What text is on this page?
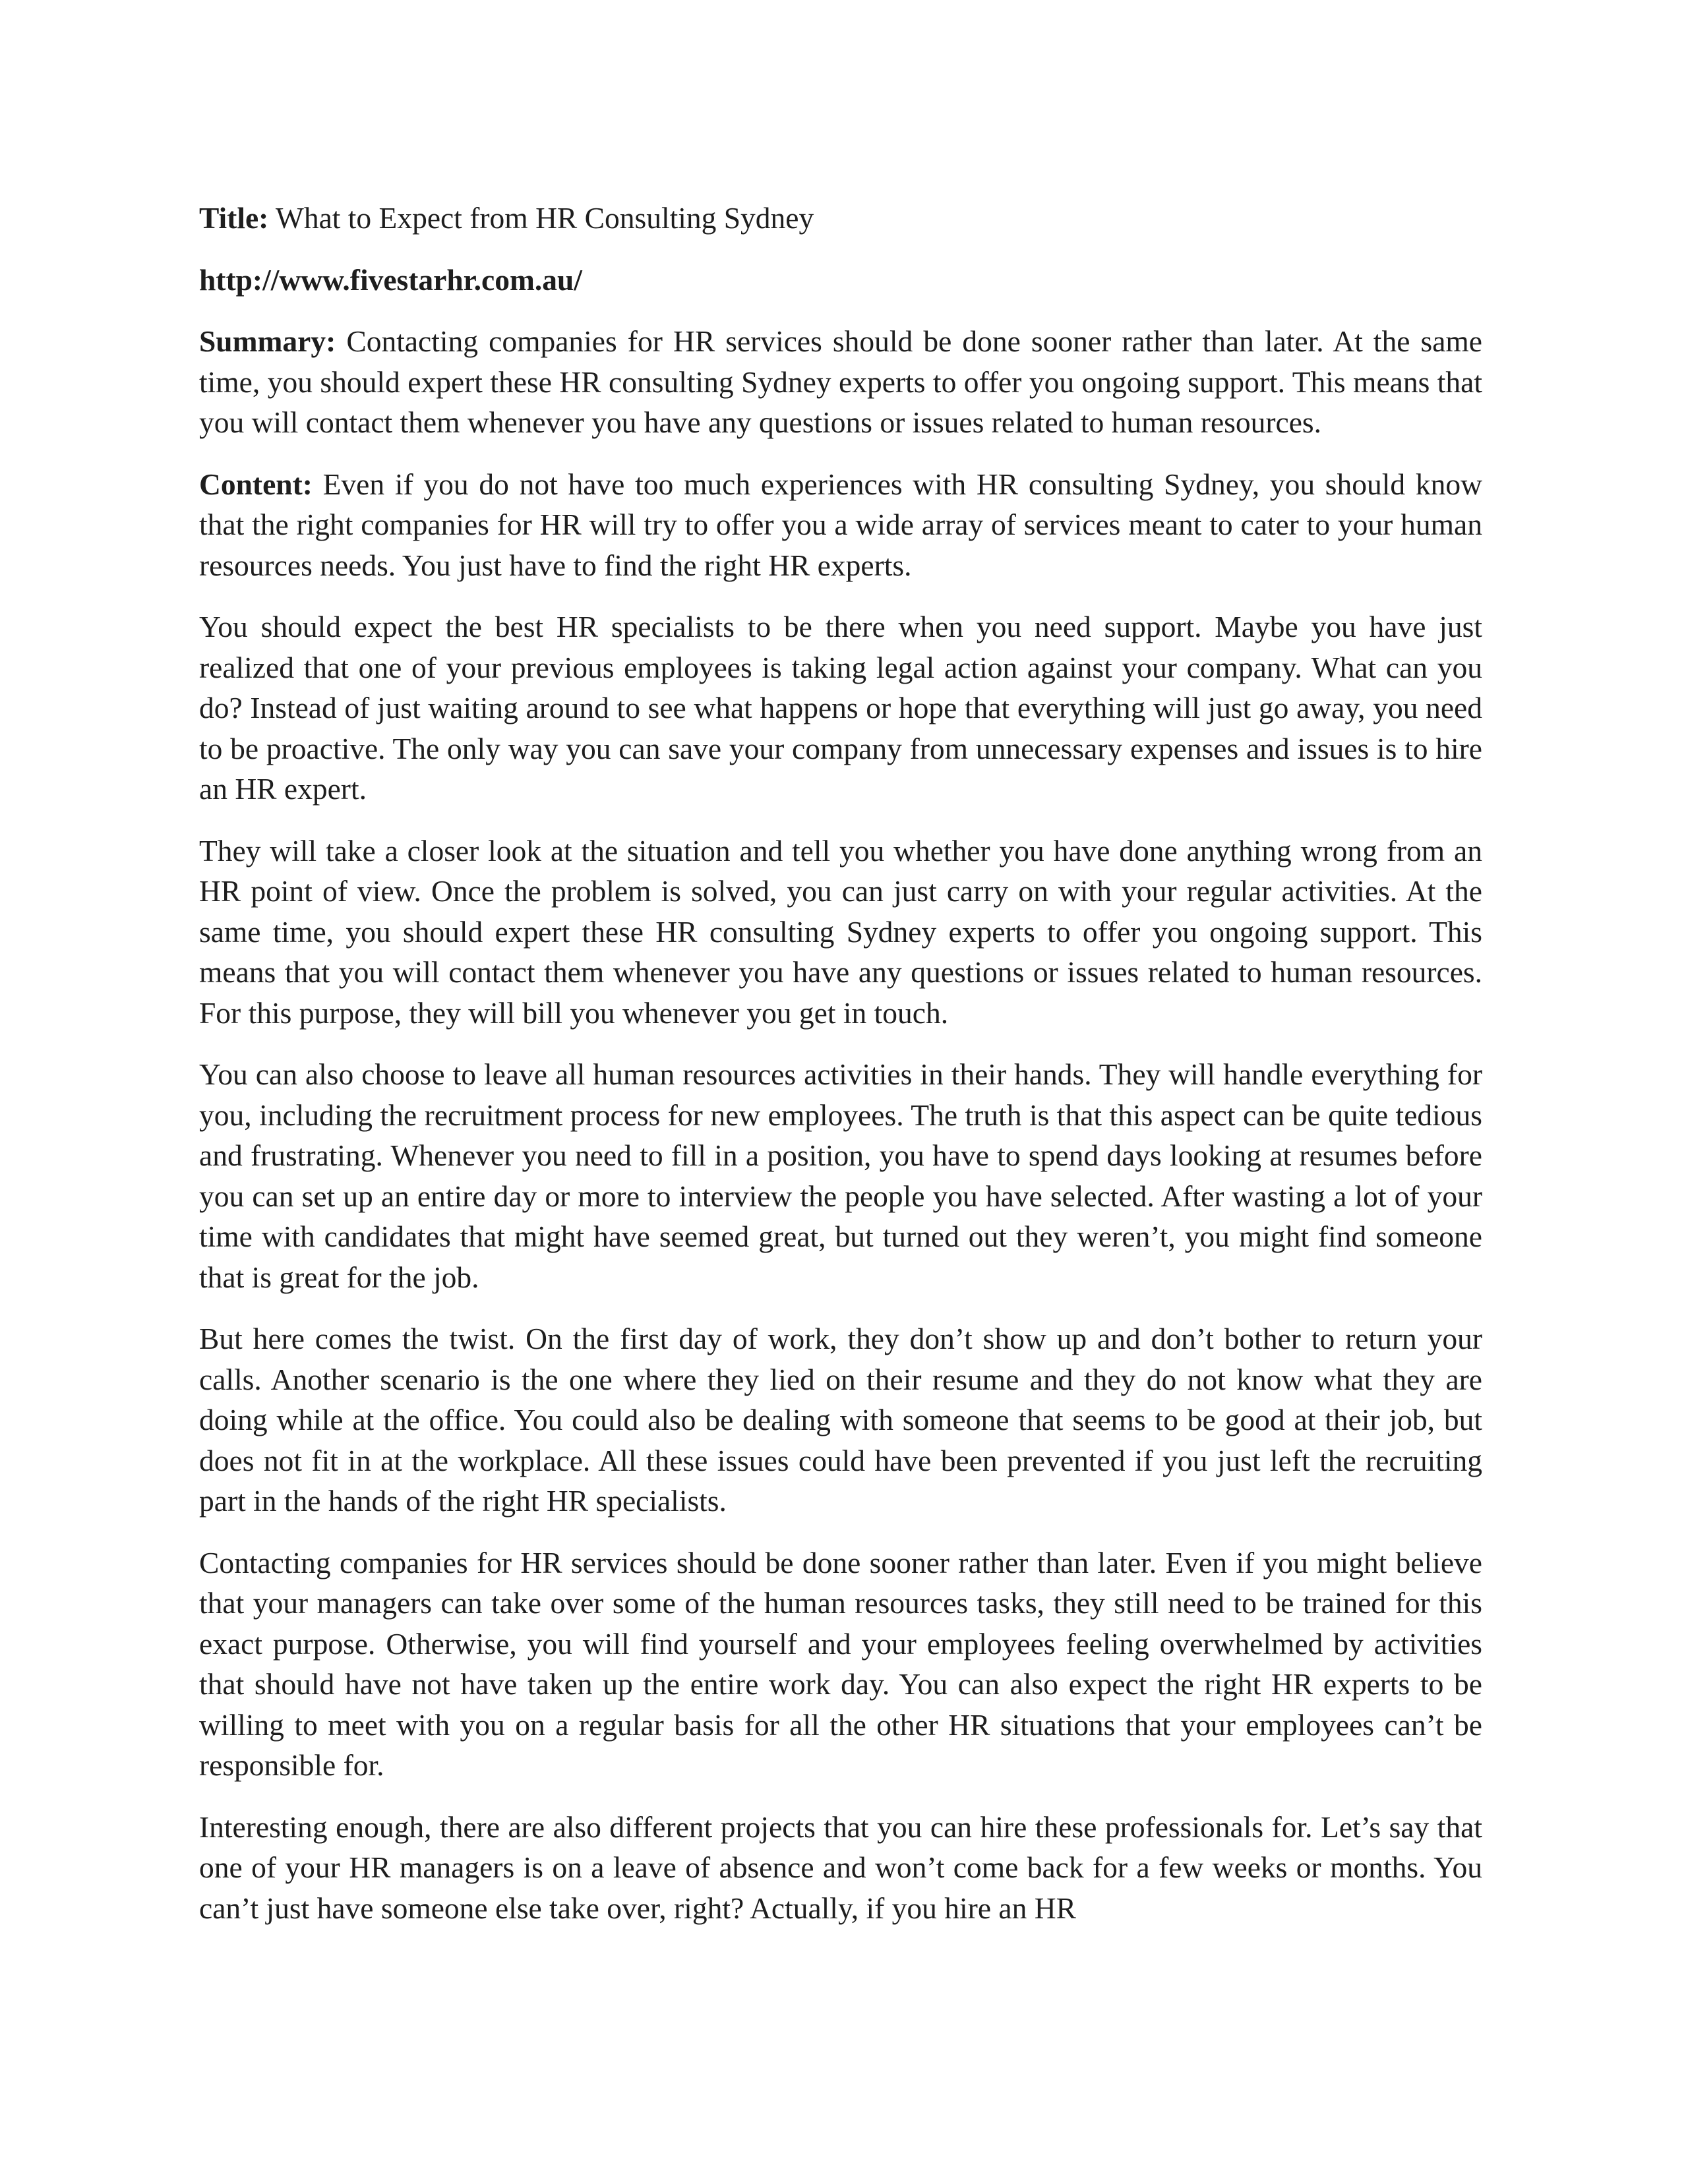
Title: What to Expect from HR Consulting Sydney
http://www.fivestarhr.com.au/

Summary: Contacting companies for HR services should be done sooner rather than later. At the same time, you should expert these HR consulting Sydney experts to offer you ongoing support. This means that you will contact them whenever you have any questions or issues related to human resources.

Content: Even if you do not have too much experiences with HR consulting Sydney, you should know that the right companies for HR will try to offer you a wide array of services meant to cater to your human resources needs. You just have to find the right HR experts.

You should expect the best HR specialists to be there when you need support. Maybe you have just realized that one of your previous employees is taking legal action against your company. What can you do? Instead of just waiting around to see what happens or hope that everything will just go away, you need to be proactive. The only way you can save your company from unnecessary expenses and issues is to hire an HR expert.

They will take a closer look at the situation and tell you whether you have done anything wrong from an HR point of view. Once the problem is solved, you can just carry on with your regular activities. At the same time, you should expert these HR consulting Sydney experts to offer you ongoing support. This means that you will contact them whenever you have any questions or issues related to human resources. For this purpose, they will bill you whenever you get in touch.

You can also choose to leave all human resources activities in their hands. They will handle everything for you, including the recruitment process for new employees. The truth is that this aspect can be quite tedious and frustrating. Whenever you need to fill in a position, you have to spend days looking at resumes before you can set up an entire day or more to interview the people you have selected. After wasting a lot of your time with candidates that might have seemed great, but turned out they weren’t, you might find someone that is great for the job.

But here comes the twist. On the first day of work, they don’t show up and don’t bother to return your calls. Another scenario is the one where they lied on their resume and they do not know what they are doing while at the office. You could also be dealing with someone that seems to be good at their job, but does not fit in at the workplace. All these issues could have been prevented if you just left the recruiting part in the hands of the right HR specialists.

Contacting companies for HR services should be done sooner rather than later. Even if you might believe that your managers can take over some of the human resources tasks, they still need to be trained for this exact purpose. Otherwise, you will find yourself and your employees feeling overwhelmed by activities that should have not have taken up the entire work day. You can also expect the right HR experts to be willing to meet with you on a regular basis for all the other HR situations that your employees can’t be responsible for.

Interesting enough, there are also different projects that you can hire these professionals for. Let’s say that one of your HR managers is on a leave of absence and won’t come back for a few weeks or months. You can’t just have someone else take over, right? Actually, if you hire an HR
